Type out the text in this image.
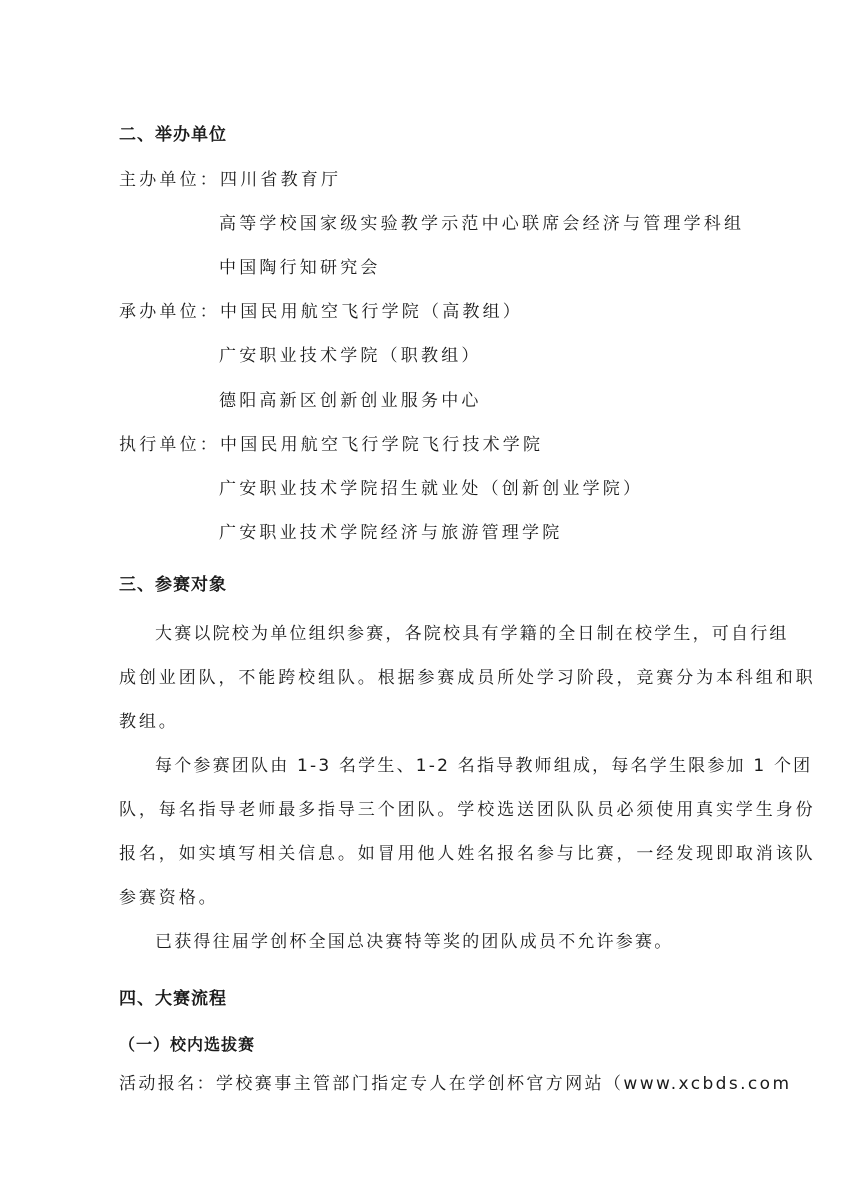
二、举办单位
主办单位：四川省教育厅
高等学校国家级实验教学示范中心联席会经济与管理学科组
中国陶行知研究会
承办单位：中国民用航空飞行学院（高教组）
广安职业技术学院（职教组）
德阳高新区创新创业服务中心
执行单位：中国民用航空飞行学院飞行技术学院
广安职业技术学院招生就业处（创新创业学院）
广安职业技术学院经济与旅游管理学院
三、参赛对象
大赛以院校为单位组织参赛，各院校具有学籍的全日制在校学生，可自行组
成创业团队，不能跨校组队。根据参赛成员所处学习阶段，竞赛分为本科组和职
教组。
每个参赛团队由 1-3 名学生、1-2 名指导教师组成，每名学生限参加 1 个团
队，每名指导老师最多指导三个团队。学校选送团队队员必须使用真实学生身份
报名，如实填写相关信息。如冒用他人姓名报名参与比赛，一经发现即取消该队
参赛资格。
已获得往届学创杯全国总决赛特等奖的团队成员不允许参赛。
四、大赛流程
（一）校内选拔赛
活动报名：学校赛事主管部门指定专人在学创杯官方网站（www.xcbds.com
